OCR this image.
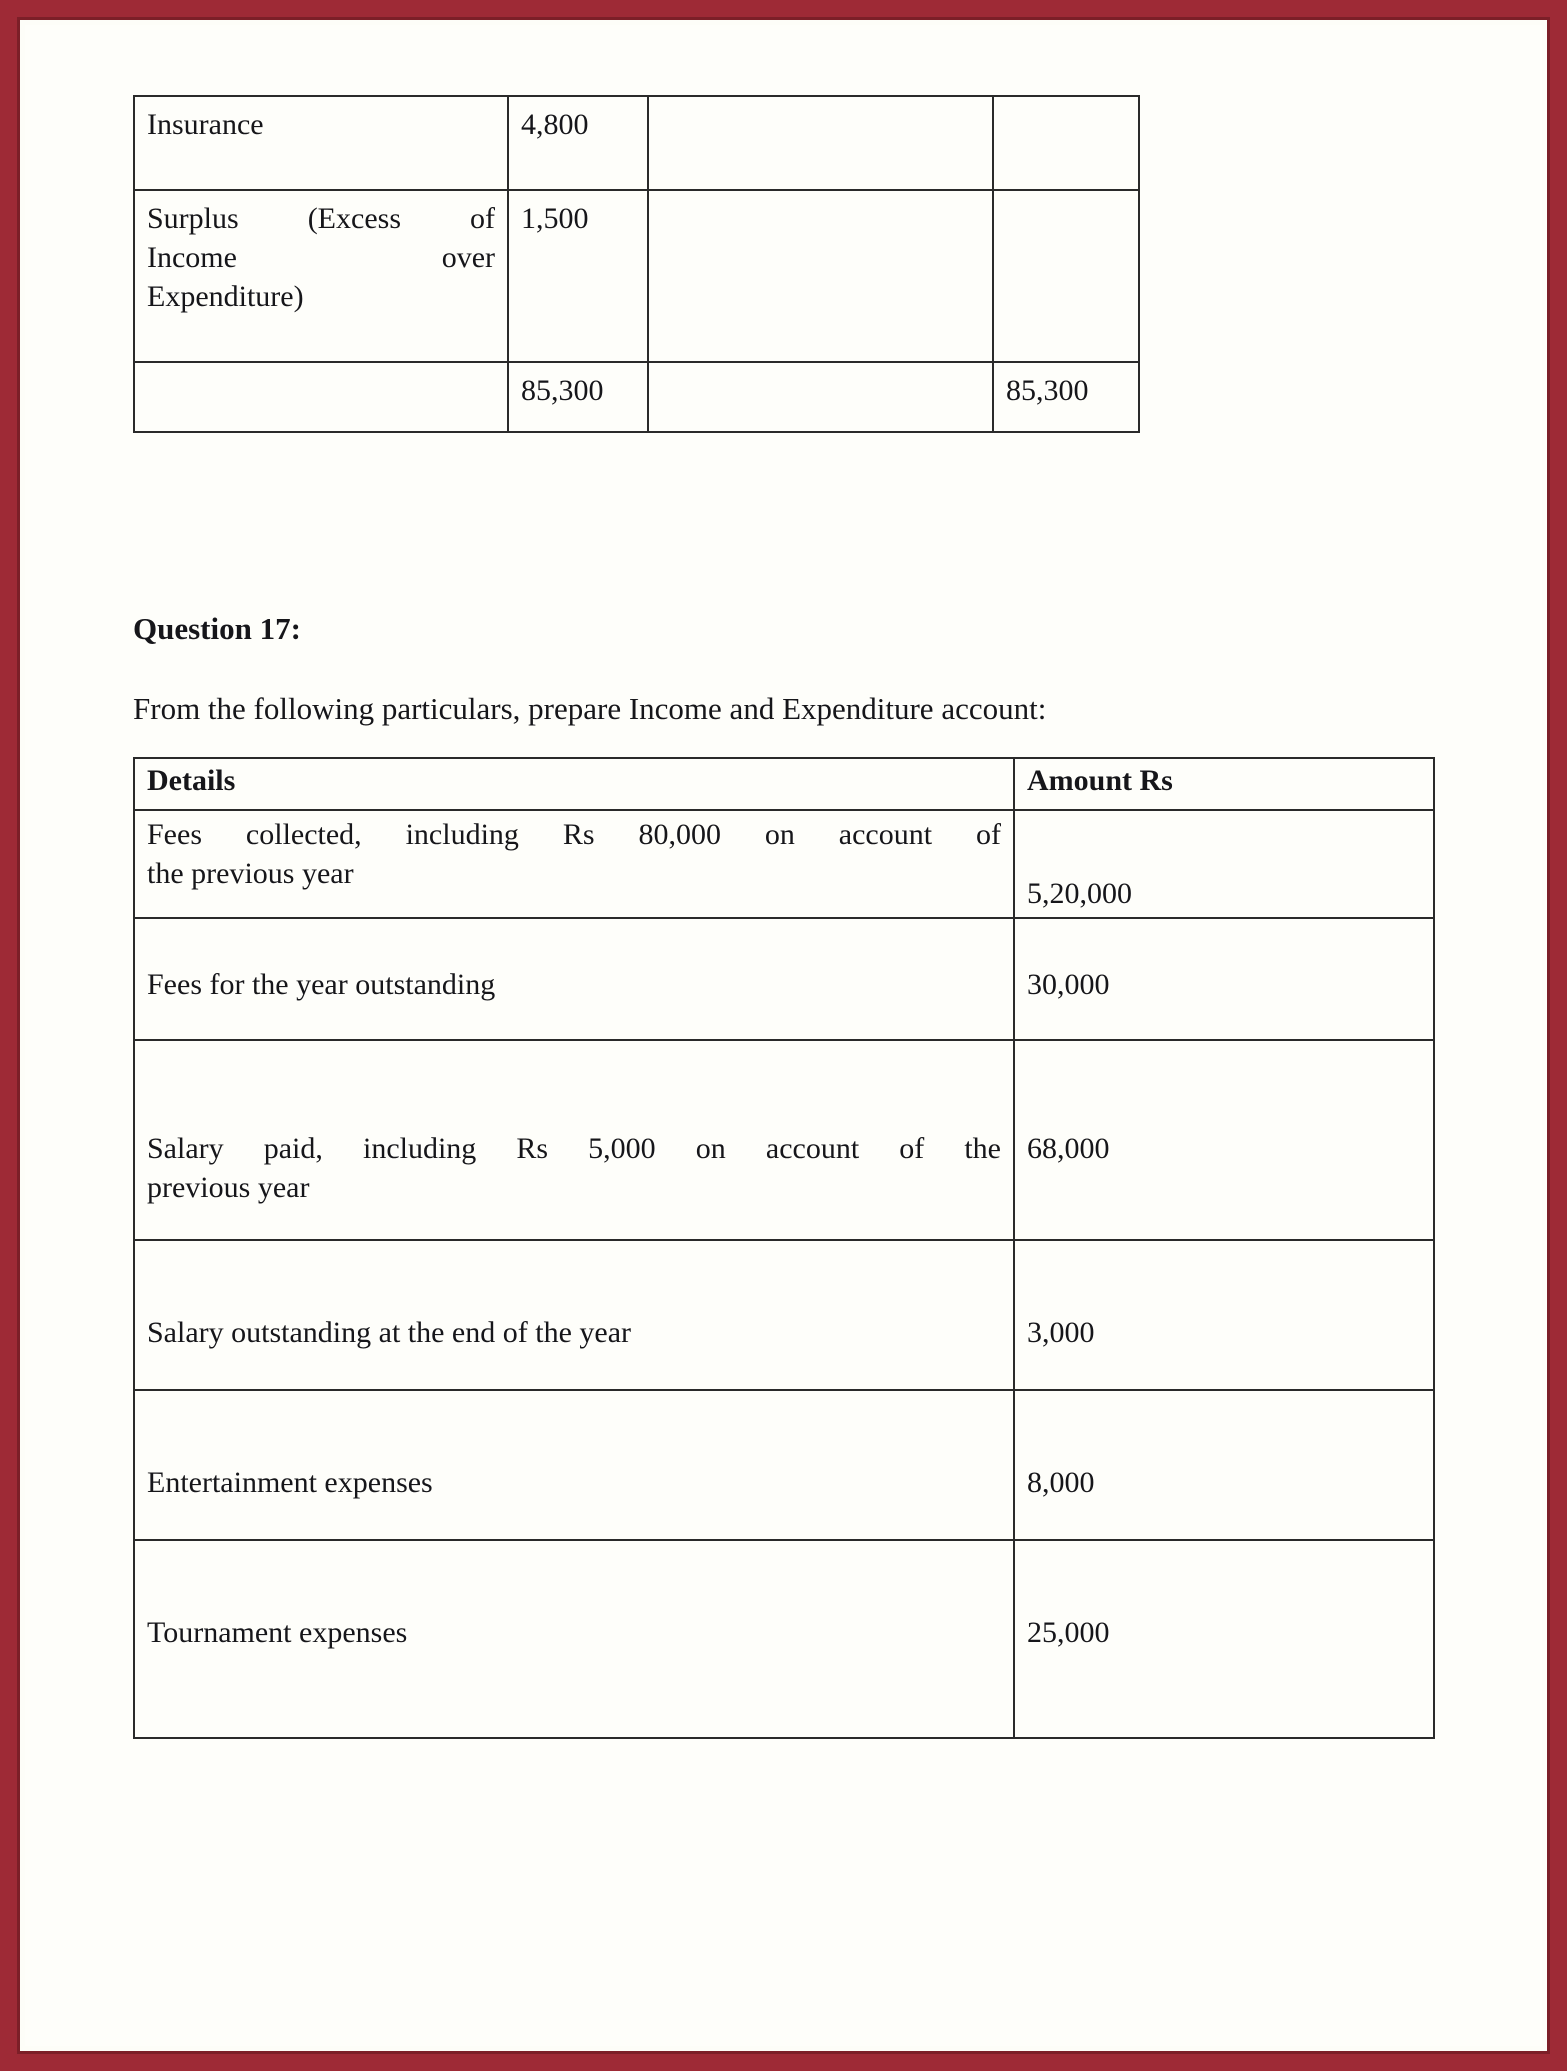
Insurance	4,800		

Surplus (Excess of
Income over
Expenditure)	1,500		
	85,300		85,300
Question 17:
From the following particulars, prepare Income and Expenditure account:
Details	Amount Rs

Fees collected, including Rs 80,000 on account of
the previous year	5,20,000

Fees for the year outstanding	30,000

Salary paid, including Rs 5,000 on account of the
previous year	68,000

Salary outstanding at the end of the year	3,000

Entertainment expenses	8,000

Tournament expenses	25,000
